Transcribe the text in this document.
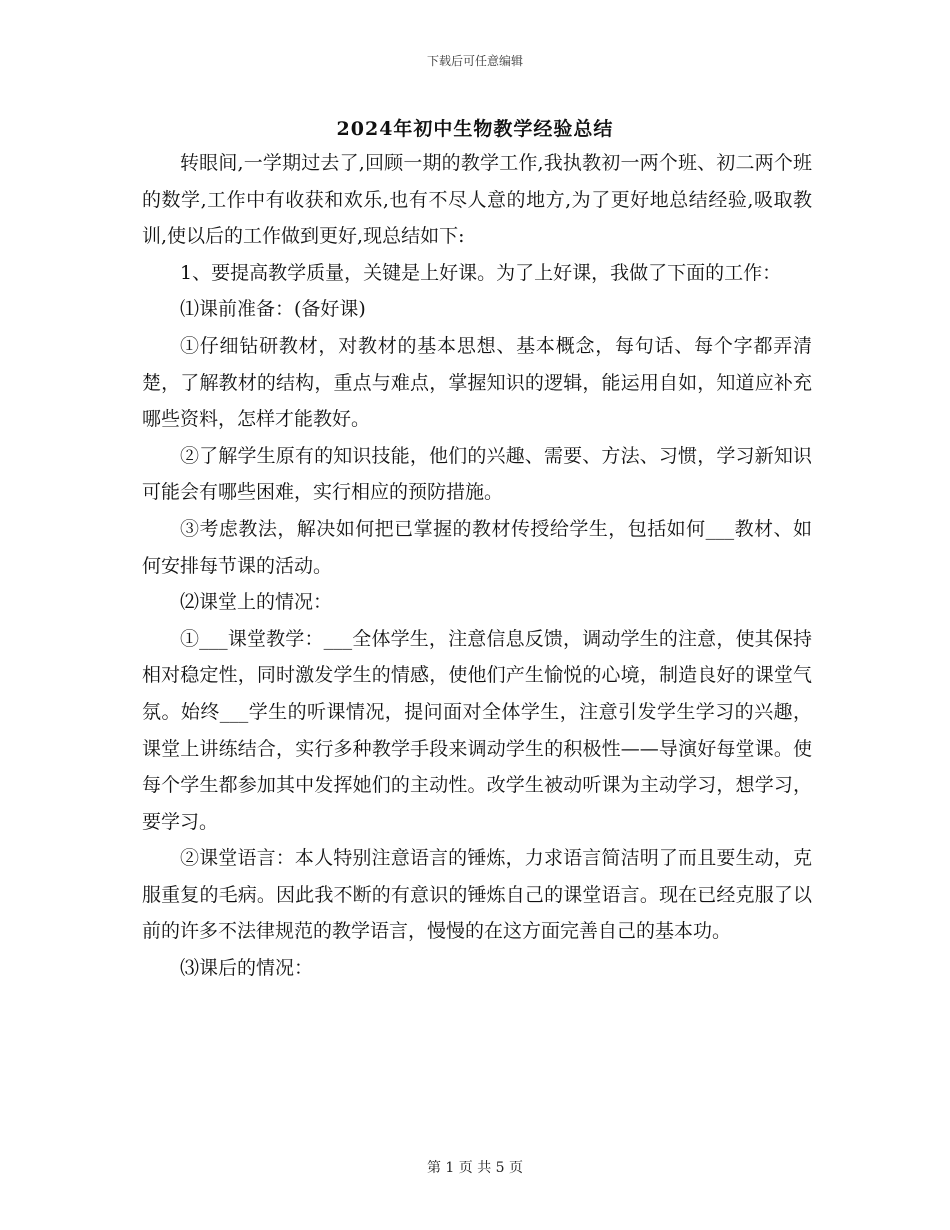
下载后可任意编辑
2024年初中生物教学经验总结

转眼间,一学期过去了,回顾一期的教学工作,我执教初一两个班、初二两个班的数学,工作中有收获和欢乐,也有不尽人意的地方,为了更好地总结经验,吸取教训,使以后的工作做到更好,现总结如下:

1、要提高教学质量，关键是上好课。为了上好课，我做了下面的工作：

⑴课前准备：(备好课)

①仔细钻研教材，对教材的基本思想、基本概念，每句话、每个字都弄清楚，了解教材的结构，重点与难点，掌握知识的逻辑，能运用自如，知道应补充哪些资料，怎样才能教好。

②了解学生原有的知识技能，他们的兴趣、需要、方法、习惯，学习新知识可能会有哪些困难，实行相应的预防措施。

③考虑教法，解决如何把已掌握的教材传授给学生，包括如何___教材、如何安排每节课的活动。

⑵课堂上的情况：

①___课堂教学：___全体学生，注意信息反馈，调动学生的注意，使其保持相对稳定性，同时激发学生的情感，使他们产生愉悦的心境，制造良好的课堂气氛。始终___学生的听课情况，提问面对全体学生，注意引发学生学习的兴趣，课堂上讲练结合，实行多种教学手段来调动学生的积极性——导演好每堂课。使每个学生都参加其中发挥她们的主动性。改学生被动听课为主动学习，想学习，要学习。

②课堂语言：本人特别注意语言的锤炼，力求语言简洁明了而且要生动，克服重复的毛病。因此我不断的有意识的锤炼自己的课堂语言。现在已经克服了以前的许多不法律规范的教学语言，慢慢的在这方面完善自己的基本功。

⑶课后的情况：

第 1 页 共 5 页
